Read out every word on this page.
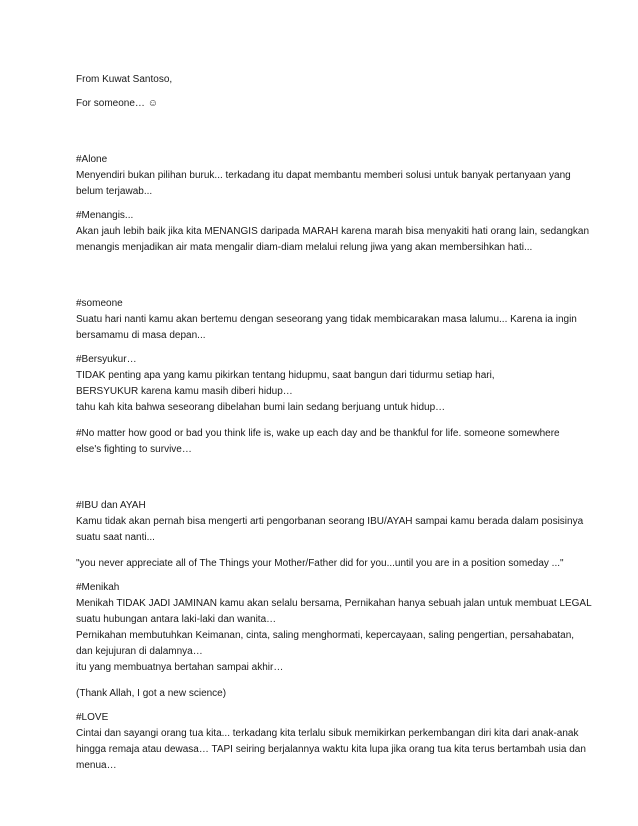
From Kuwat Santoso,

For someone… ☺

#Alone
Menyendiri bukan pilihan buruk... terkadang itu dapat membantu memberi solusi untuk banyak pertanyaan yang
belum terjawab...
#Menangis...
Akan jauh lebih baik jika kita MENANGIS daripada MARAH karena marah bisa menyakiti hati orang lain, sedangkan
menangis menjadikan air mata mengalir diam-diam melalui relung jiwa yang akan membersihkan hati...
#someone
Suatu hari nanti kamu akan bertemu dengan seseorang yang tidak membicarakan masa lalumu... Karena ia ingin
bersamamu di masa depan...
#Bersyukur…
TIDAK penting apa yang kamu pikirkan tentang hidupmu, saat bangun dari tidurmu setiap hari,
BERSYUKUR karena kamu masih diberi hidup…
tahu kah kita bahwa seseorang dibelahan bumi lain sedang berjuang untuk hidup…
#No matter how good or bad you think life is, wake up each day and be thankful for life. someone somewhere
else's fighting to survive…
#IBU dan AYAH
Kamu tidak akan pernah bisa mengerti arti pengorbanan seorang IBU/AYAH sampai kamu berada dalam posisinya
suatu saat nanti...
"you never appreciate all of The Things your Mother/Father did for you...until you are in a position someday ..."
#Menikah
Menikah TIDAK JADI JAMINAN kamu akan selalu bersama, Pernikahan hanya sebuah jalan untuk membuat LEGAL
suatu hubungan antara laki-laki dan wanita…
Pernikahan membutuhkan Keimanan, cinta, saling menghormati, kepercayaan, saling pengertian, persahabatan,
dan kejujuran di dalamnya…
itu yang membuatnya bertahan sampai akhir…
(Thank Allah, I got a new science)
#LOVE
Cintai dan sayangi orang tua kita... terkadang kita terlalu sibuk memikirkan perkembangan diri kita dari anak-anak
hingga remaja atau dewasa… TAPI seiring berjalannya waktu kita lupa jika orang tua kita terus bertambah usia dan
menua…
